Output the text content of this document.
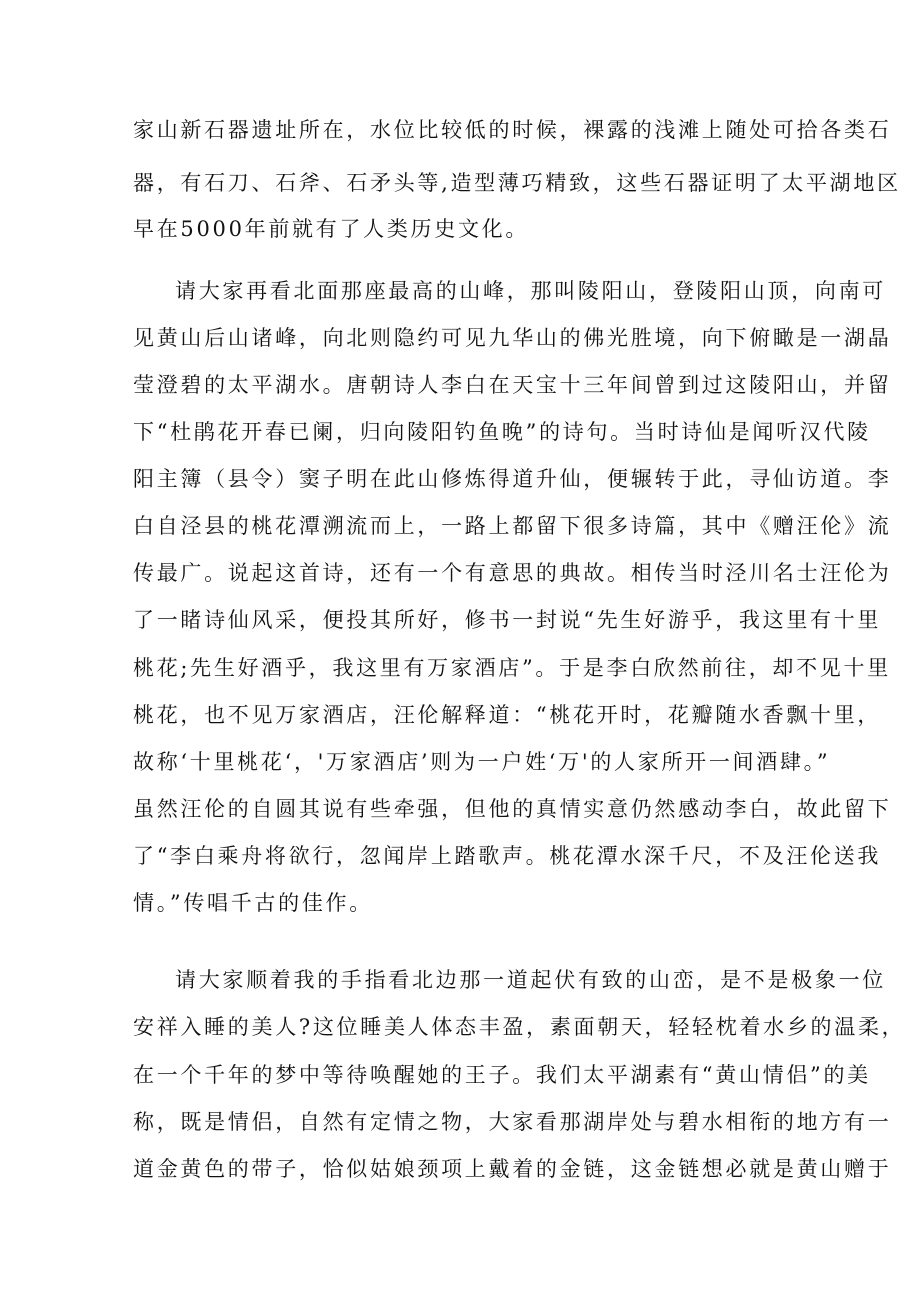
家山新石器遗址所在，水位比较低的时候，裸露的浅滩上随处可拾各类石
器，有石刀、石斧、石矛头等,造型薄巧精致，这些石器证明了太平湖地区
早在5000年前就有了人类历史文化。
请大家再看北面那座最高的山峰，那叫陵阳山，登陵阳山顶，向南可
见黄山后山诸峰，向北则隐约可见九华山的佛光胜境，向下俯瞰是一湖晶
莹澄碧的太平湖水。唐朝诗人李白在天宝十三年间曾到过这陵阳山，并留
下“杜鹃花开春已阑，归向陵阳钓鱼晚”的诗句。当时诗仙是闻听汉代陵
阳主簿（县令）窦子明在此山修炼得道升仙，便辗转于此，寻仙访道。李
白自泾县的桃花潭溯流而上，一路上都留下很多诗篇，其中《赠汪伦》流
传最广。说起这首诗，还有一个有意思的典故。相传当时泾川名士汪伦为
了一睹诗仙风采，便投其所好，修书一封说“先生好游乎，我这里有十里
桃花;先生好酒乎，我这里有万家酒店”。于是李白欣然前往，却不见十里
桃花，也不见万家酒店，汪伦解释道：“桃花开时，花瓣随水香飘十里，
故称‘十里桃花‘，'万家酒店’则为一户姓‘万'的人家所开一间酒肆。”
虽然汪伦的自圆其说有些牵强，但他的真情实意仍然感动李白，故此留下
了“李白乘舟将欲行，忽闻岸上踏歌声。桃花潭水深千尺，不及汪伦送我
情。”传唱千古的佳作。
请大家顺着我的手指看北边那一道起伏有致的山峦，是不是极象一位
安祥入睡的美人?这位睡美人体态丰盈，素面朝天，轻轻枕着水乡的温柔，
在一个千年的梦中等待唤醒她的王子。我们太平湖素有“黄山情侣”的美
称，既是情侣，自然有定情之物，大家看那湖岸处与碧水相衔的地方有一
道金黄色的带子，恰似姑娘颈项上戴着的金链，这金链想必就是黄山赠于
